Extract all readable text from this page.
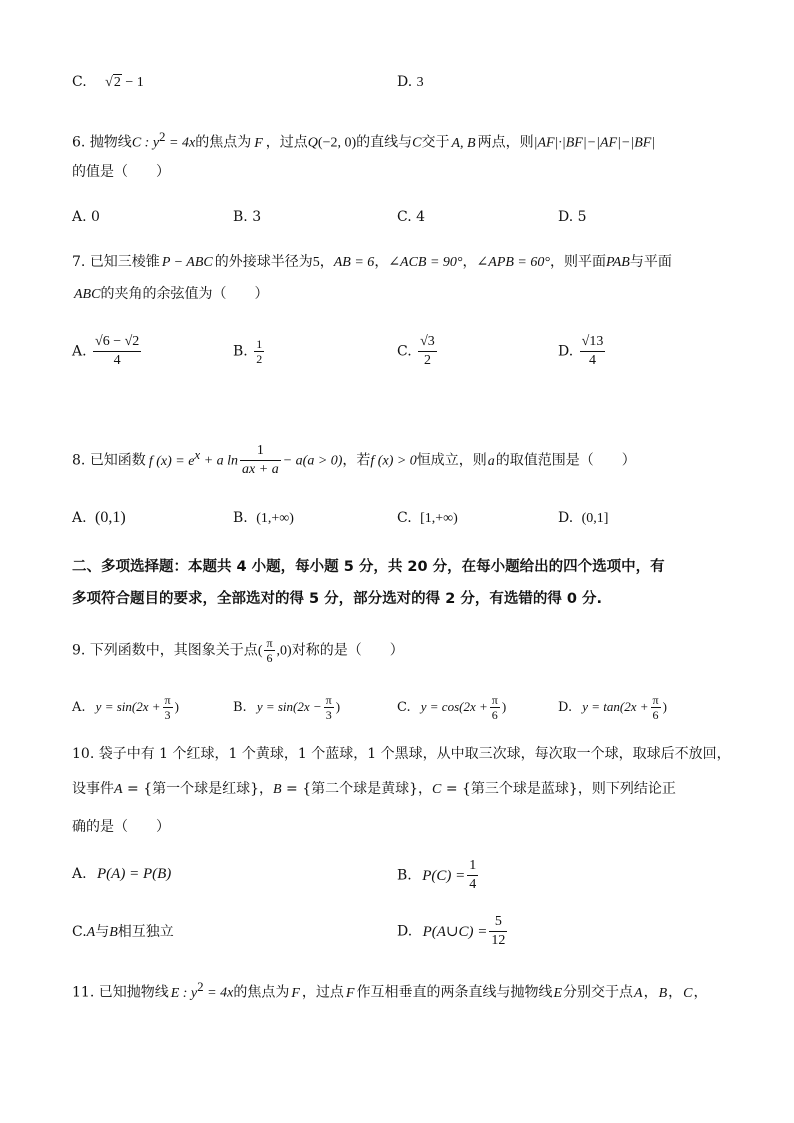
C. √2 − 1	D. 3
6. 抛物线C : $y^2 = 4x$的焦点为 F ，过点Q(−2, 0)的直线与C交于 A, B 两点，则|AF|·|BF|−|AF|−|BF|
的值是（　　）
A. 0	B. 3	C. 4	D. 5
7. 已知三棱锥 P − ABC 的外接球半径为5，AB = 6，∠ACB = 90°，∠APB = 60°，则平面PAB与平面
ABC的夹角的余弦值为（　　）
A. $\frac{√6 - √2}{4}$	B. $\frac{1}{2}$	C. $\frac{√3}{2}$	D. $\frac{√13}{4}$
8. 已知函数 f $(x) = e^x + a$ $\ln \frac{1}{ax + a} - a(a > 0)$，若f (x) > 0恒成立，则a的取值范围是（　　）
A. (0,1)	B. (1,+∞)	C. [1,+∞)	D. (0,1]
二、多项选择题：本题共 4 小题，每小题 5 分，共 20 分，在每小题给出的四个选项中，有
多项符合题目的要求，全部选对的得 5 分，部分选对的得 2 分，有选错的得 0 分.
9. 下列函数中，其图象关于点( $\frac{\pi}{6} ,0$)对称的是（　　）
A. $y = \sin(2x + \frac{\pi}{3}$ )	B. $y = \sin(2x - \frac{\pi}{3}$ )	C. $y = \cos(2x + \frac{\pi}{6}$ )	D. $y = \tan(2x + \frac{\pi}{6}$ )
10. 袋子中有 1 个红球，1 个黄球，1 个蓝球，1 个黑球，从中取三次球，每次取一个球，取球后不放回，
设事件A = {第一个球是红球}，B = {第二个球是黄球}，C = {第三个球是蓝球}，则下列结论正
确的是（　　）
A. P(A) = P(B)	B. $P(C) = \frac{1}{4}$
C.A与B相互独立	D. P(A∪C) = $\frac{5}{12}$
11. 已知抛物线 E : $y^2 = 4x$的焦点为 F ，过点 F 作互相垂直的两条直线与抛物线E分别交于点A，B，C，
